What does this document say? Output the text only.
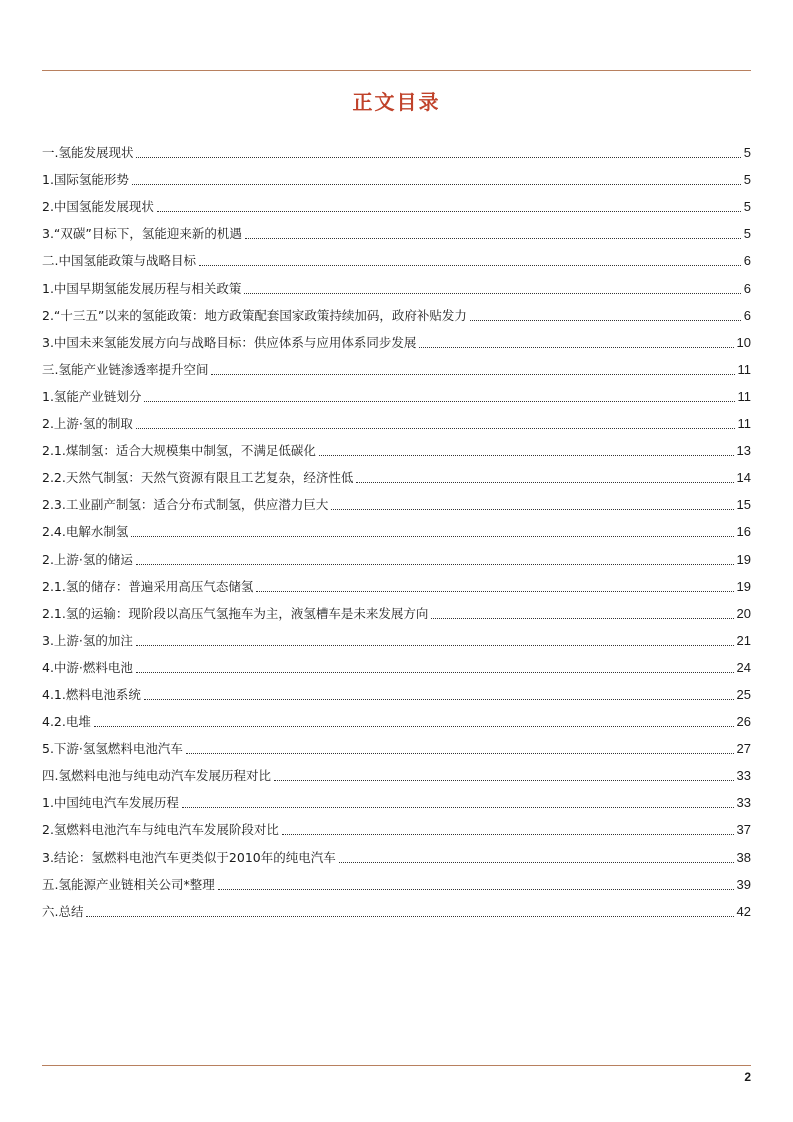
正文目录
一.氢能发展现状	5
1.国际氢能形势	5
2.中国氢能发展现状	5
3.“双碳”目标下，氢能迎来新的机遇	5
二.中国氢能政策与战略目标	6
1.中国早期氢能发展历程与相关政策	6
2.“十三五”以来的氢能政策：地方政策配套国家政策持续加码，政府补贴发力	6
3.中国未来氢能发展方向与战略目标：供应体系与应用体系同步发展	10
三.氢能产业链渗透率提升空间	11
1.氢能产业链划分	11
2.上游·氢的制取	11
2.1.煤制氢：适合大规模集中制氢，不满足低碳化	13
2.2.天然气制氢：天然气资源有限且工艺复杂，经济性低	14
2.3.工业副产制氢：适合分布式制氢，供应潜力巨大	15
2.4.电解水制氢	16
2.上游·氢的储运	19
2.1.氢的储存：普遍采用高压气态储氢	19
2.1.氢的运输：现阶段以高压气氢拖车为主，液氢槽车是未来发展方向	20
3.上游·氢的加注	21
4.中游·燃料电池	24
4.1.燃料电池系统	25
4.2.电堆	26
5.下游·氢氢燃料电池汽车	27
四.氢燃料电池与纯电动汽车发展历程对比	33
1.中国纯电汽车发展历程	33
2.氢燃料电池汽车与纯电汽车发展阶段对比	37
3.结论：氢燃料电池汽车更类似于2010年的纯电汽车	38
五.氢能源产业链相关公司*整理	39
六.总结	42
2
